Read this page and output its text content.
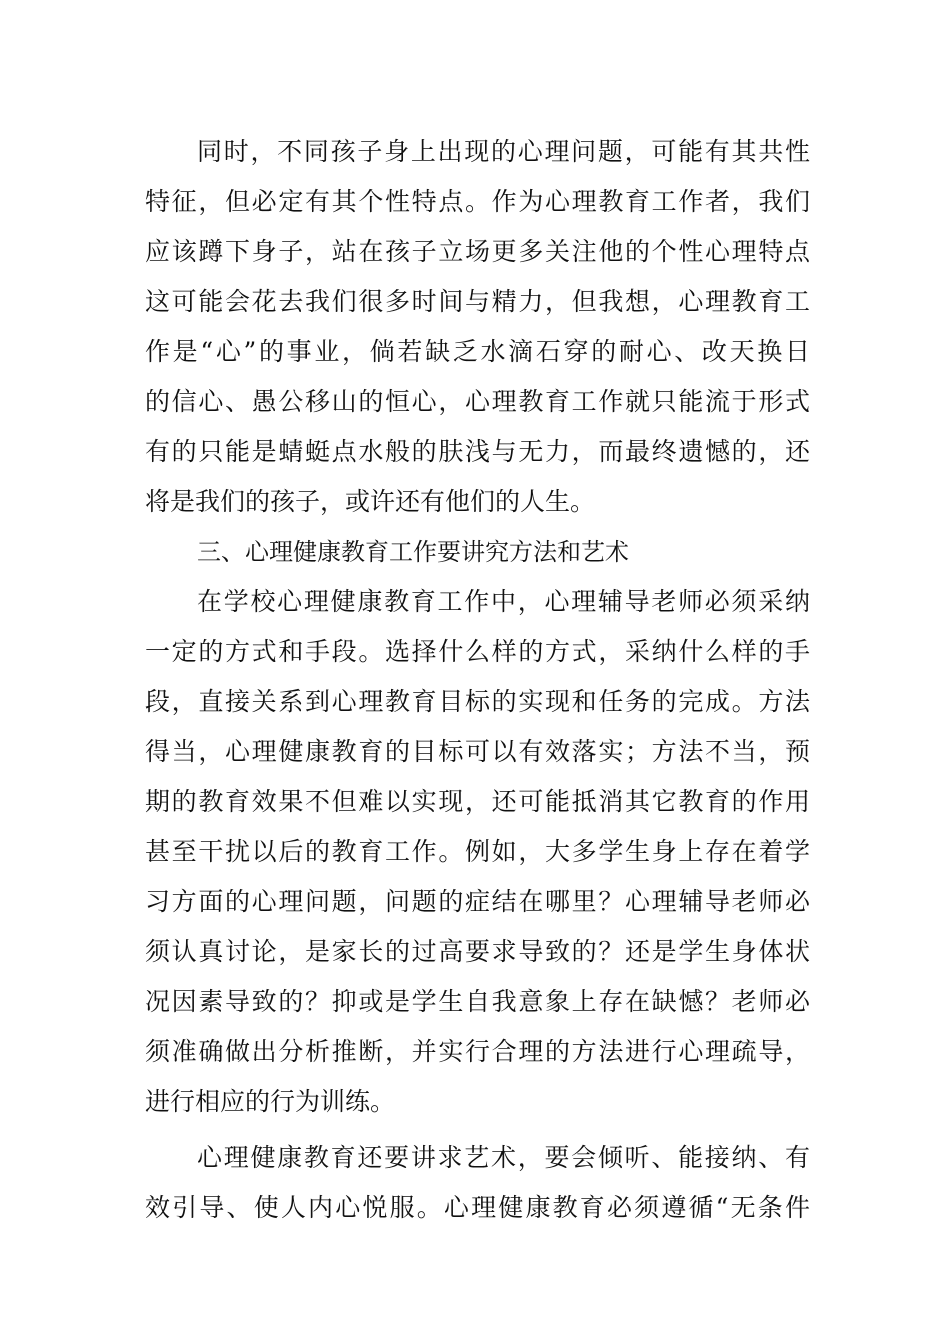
同时，不同孩子身上出现的心理问题，可能有其共性
特征，但必定有其个性特点。作为心理教育工作者，我们
应该蹲下身子，站在孩子立场更多关注他的个性心理特点
这可能会花去我们很多时间与精力，但我想，心理教育工
作是“心”的事业，倘若缺乏水滴石穿的耐心、改天换日
的信心、愚公移山的恒心，心理教育工作就只能流于形式
有的只能是蜻蜓点水般的肤浅与无力，而最终遗憾的，还
将是我们的孩子，或许还有他们的人生。
三、心理健康教育工作要讲究方法和艺术
在学校心理健康教育工作中，心理辅导老师必须采纳
一定的方式和手段。选择什么样的方式，采纳什么样的手
段，直接关系到心理教育目标的实现和任务的完成。方法
得当，心理健康教育的目标可以有效落实；方法不当，预
期的教育效果不但难以实现，还可能抵消其它教育的作用
甚至干扰以后的教育工作。例如，大多学生身上存在着学
习方面的心理问题，问题的症结在哪里？心理辅导老师必
须认真讨论，是家长的过高要求导致的？还是学生身体状
况因素导致的？抑或是学生自我意象上存在缺憾？老师必
须准确做出分析推断，并实行合理的方法进行心理疏导，
进行相应的行为训练。
心理健康教育还要讲求艺术，要会倾听、能接纳、有
效引导、使人内心悦服。心理健康教育必须遵循“无条件
